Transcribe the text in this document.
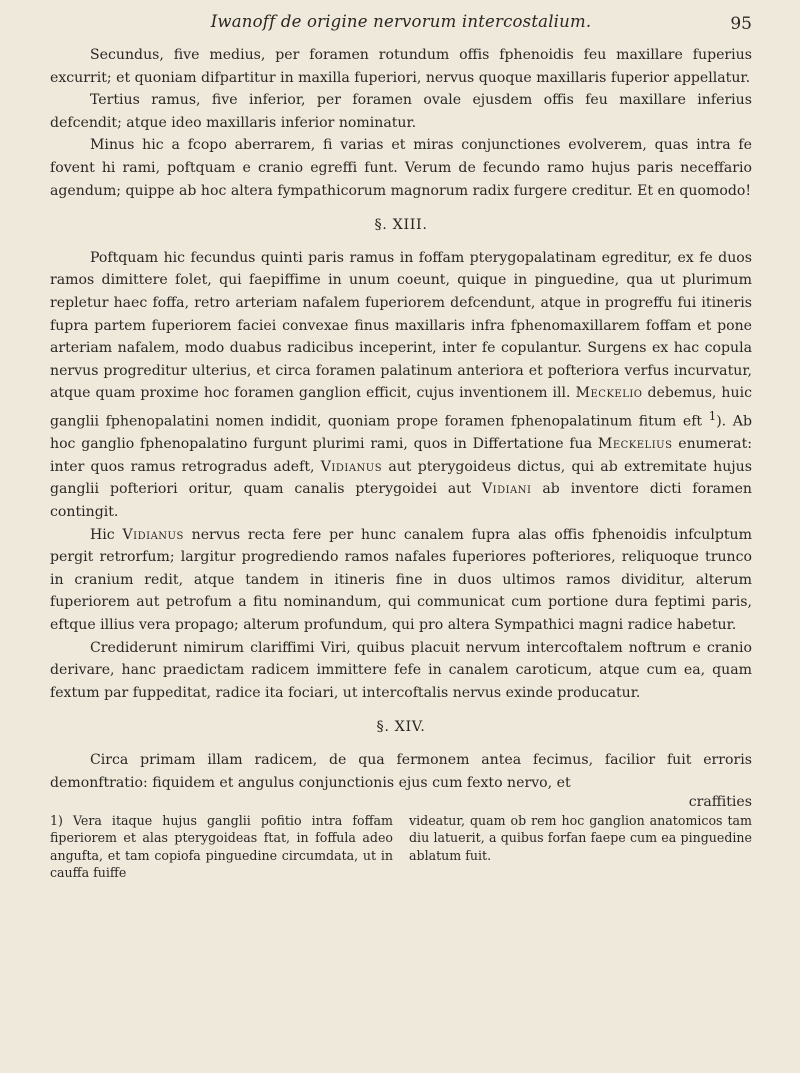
Iwanoff de origine nervorum intercostalium.	95

Secundus, five medius, per foramen rotundum offis fphenoidis feu maxillare fuperius excurrit; et quoniam difpartitur in maxilla fuperiori, nervus quoque maxillaris fuperior appellatur.

Tertius ramus, five inferior, per foramen ovale ejusdem offis feu maxillare inferius defcendit; atque ideo maxillaris inferior nominatur.

Minus hic a fcopo aberrarem, fi varias et miras conjunctiones evolverem, quas intra fe fovent hi rami, poftquam e cranio egreffi funt. Verum de fecundo ramo hujus paris neceffario agendum; quippe ab hoc altera fympathicorum magnorum radix furgere creditur. Et en quomodo!

§. XIII.

Poftquam hic fecundus quinti paris ramus in foffam pterygopalatinam egreditur, ex fe duos ramos dimittere folet, qui faepiffime in unum coeunt, quique in pinguedine, qua ut plurimum repletur haec foffa, retro arteriam nafalem fuperiorem defcendunt, atque in progreffu fui itineris fupra partem fuperiorem faciei convexae finus maxillaris infra fphenomaxillarem foffam et pone arteriam nafalem, modo duabus radicibus inceperint, inter fe copulantur. Surgens ex hac copula nervus progreditur ulterius, et circa foramen palatinum anteriora et pofteriora verfus incurvatur, atque quam proxime hoc foramen ganglion efficit, cujus inventionem ill. Meckelio debemus, huic ganglii fphenopalatini nomen indidit, quoniam prope foramen fphenopalatinum fitum eft $^1$). Ab hoc ganglio fphenopalatino furgunt plurimi rami, quos in Differtatione fua Meckelius enumerat: inter quos ramus retrogradus adeft, Vidianus aut pterygoideus dictus, qui ab extremitate hujus ganglii pofteriori oritur, quam canalis pterygoidei aut Vidiani ab inventore dicti foramen contingit.

Hic Vidianus nervus recta fere per hunc canalem fupra alas offis fphenoidis infculptum pergit retrorfum; largitur progrediendo ramos nafales fuperiores pofteriores, reliquoque trunco in cranium redit, atque tandem in itineris fine in duos ultimos ramos dividitur, alterum fuperiorem aut petrofum a fitu nominandum, qui communicat cum portione dura feptimi paris, eftque illius vera propago; alterum profundum, qui pro altera Sympathici magni radice habetur.

Crediderunt nimirum clariffimi Viri, quibus placuit nervum intercoftalem noftrum e cranio derivare, hanc praedictam radicem immittere fefe in canalem caroticum, atque cum ea, quam fextum par fuppeditat, radice ita fociari, ut intercoftalis nervus exinde producatur.

§. XIV.

Circa primam illam radicem, de qua fermonem antea fecimus, facilior fuit erroris demonftratio: fiquidem et angulus conjunctionis ejus cum fexto nervo, et

craffities
1) Vera itaque hujus ganglii pofitio intra foffam fiperiorem et alas pterygoideas ftat, in foffula adeo angufta, et tam copiofa pinguedine circumdata, ut in cauffa fuiffe
videatur, quam ob rem hoc ganglion anatomicos tam diu latuerit, a quibus forfan faepe cum ea pinguedine ablatum fuit.
